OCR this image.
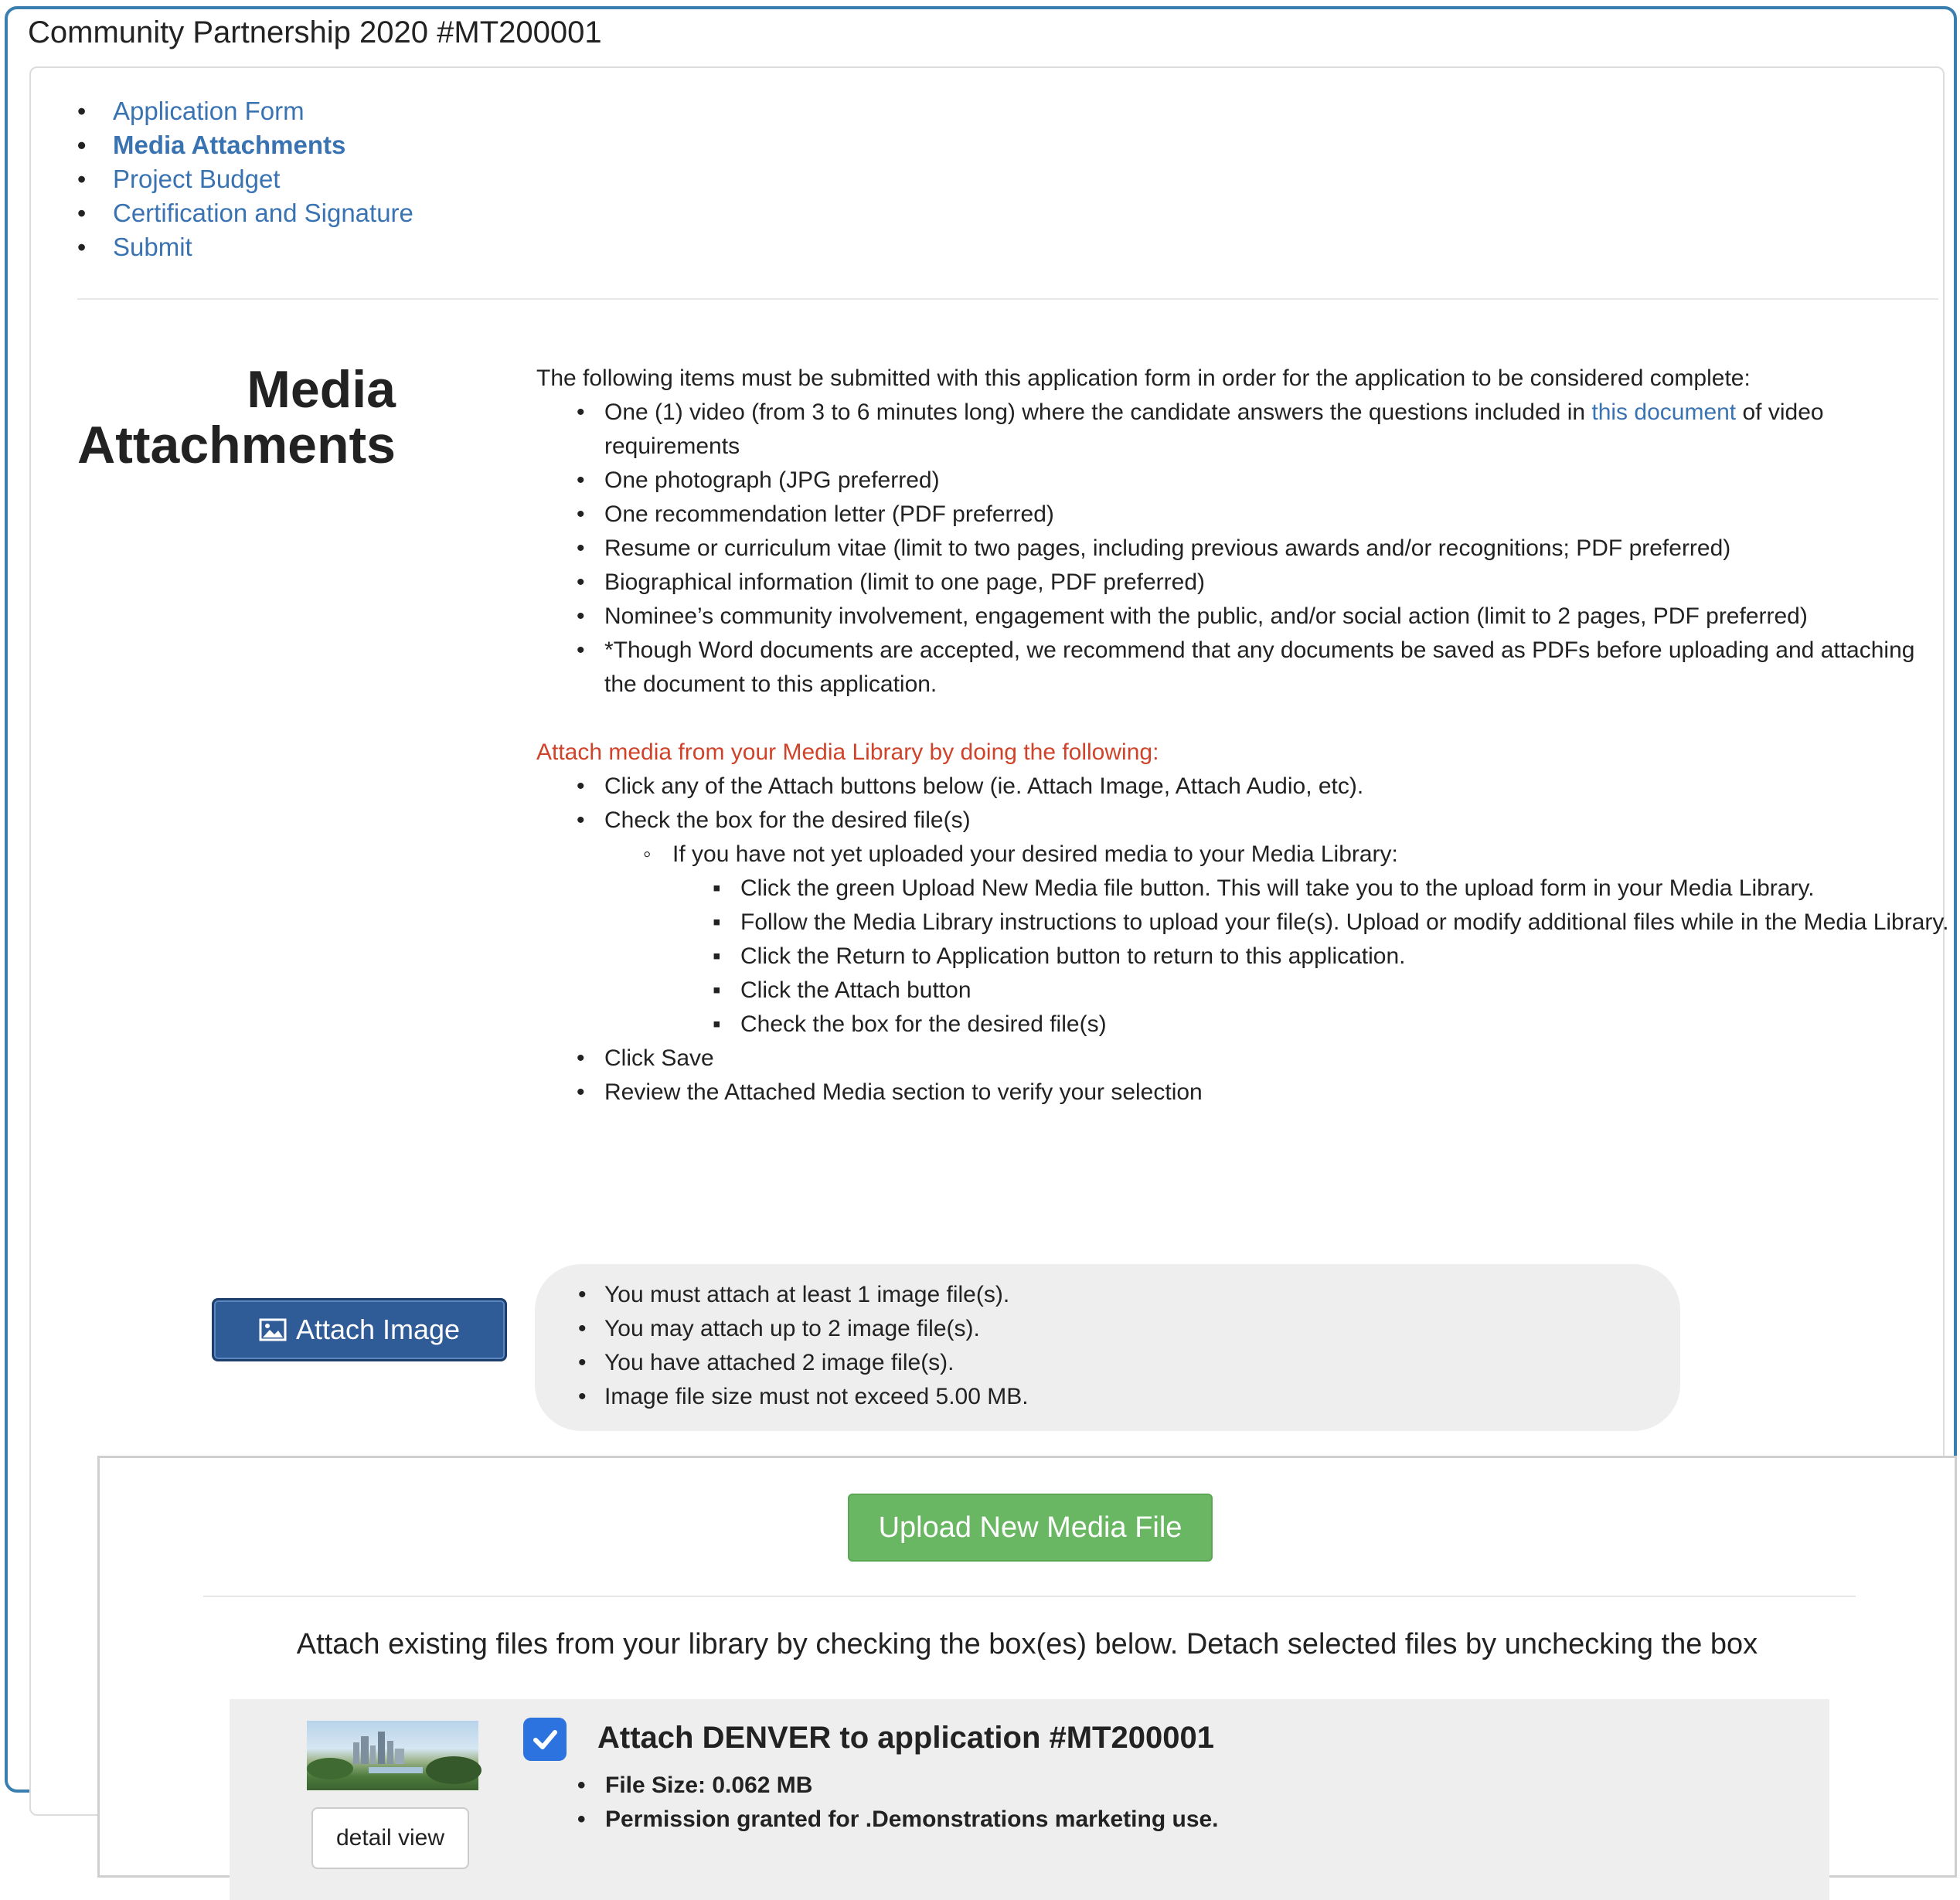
Community Partnership 2020 #MT200001
• Application Form
• Media Attachments
• Project Budget
• Certification and Signature
• Submit
Media
Attachments

The following items must be submitted with this application form in order for the application to be considered complete:

• One (1) video (from 3 to 6 minutes long) where the candidate answers the questions included in this document of video requirements
• One photograph (JPG preferred)
• One recommendation letter (PDF preferred)
• Resume or curriculum vitae (limit to two pages, including previous awards and/or recognitions; PDF preferred)
• Biographical information (limit to one page, PDF preferred)
• Nominee’s community involvement, engagement with the public, and/or social action (limit to 2 pages, PDF preferred)
• *Though Word documents are accepted, we recommend that any documents be saved as PDFs before uploading and attaching the document to this application.

Attach media from your Media Library by doing the following:

• Click any of the Attach buttons below (ie. Attach Image, Attach Audio, etc).
• Check the box for the desired file(s)
◦ If you have not yet uploaded your desired media to your Media Library:
▪ Click the green Upload New Media file button. This will take you to the upload form in your Media Library.
▪ Follow the Media Library instructions to upload your file(s). Upload or modify additional files while in the Media Library.
▪ Click the Return to Application button to return to this application.
▪ Click the Attach button
▪ Check the box for the desired file(s)
• Click Save
• Review the Attached Media section to verify your selection
Attach Image
• You must attach at least 1 image file(s).
• You may attach up to 2 image file(s).
• You have attached 2 image file(s).
• Image file size must not exceed 5.00 MB.
Upload New Media File
Attach existing files from your library by checking the box(es) below. Detach selected files by unchecking the box
detail view
Attach DENVER to application #MT200001
• File Size: 0.062 MB
• Permission granted for .Demonstrations marketing use.
